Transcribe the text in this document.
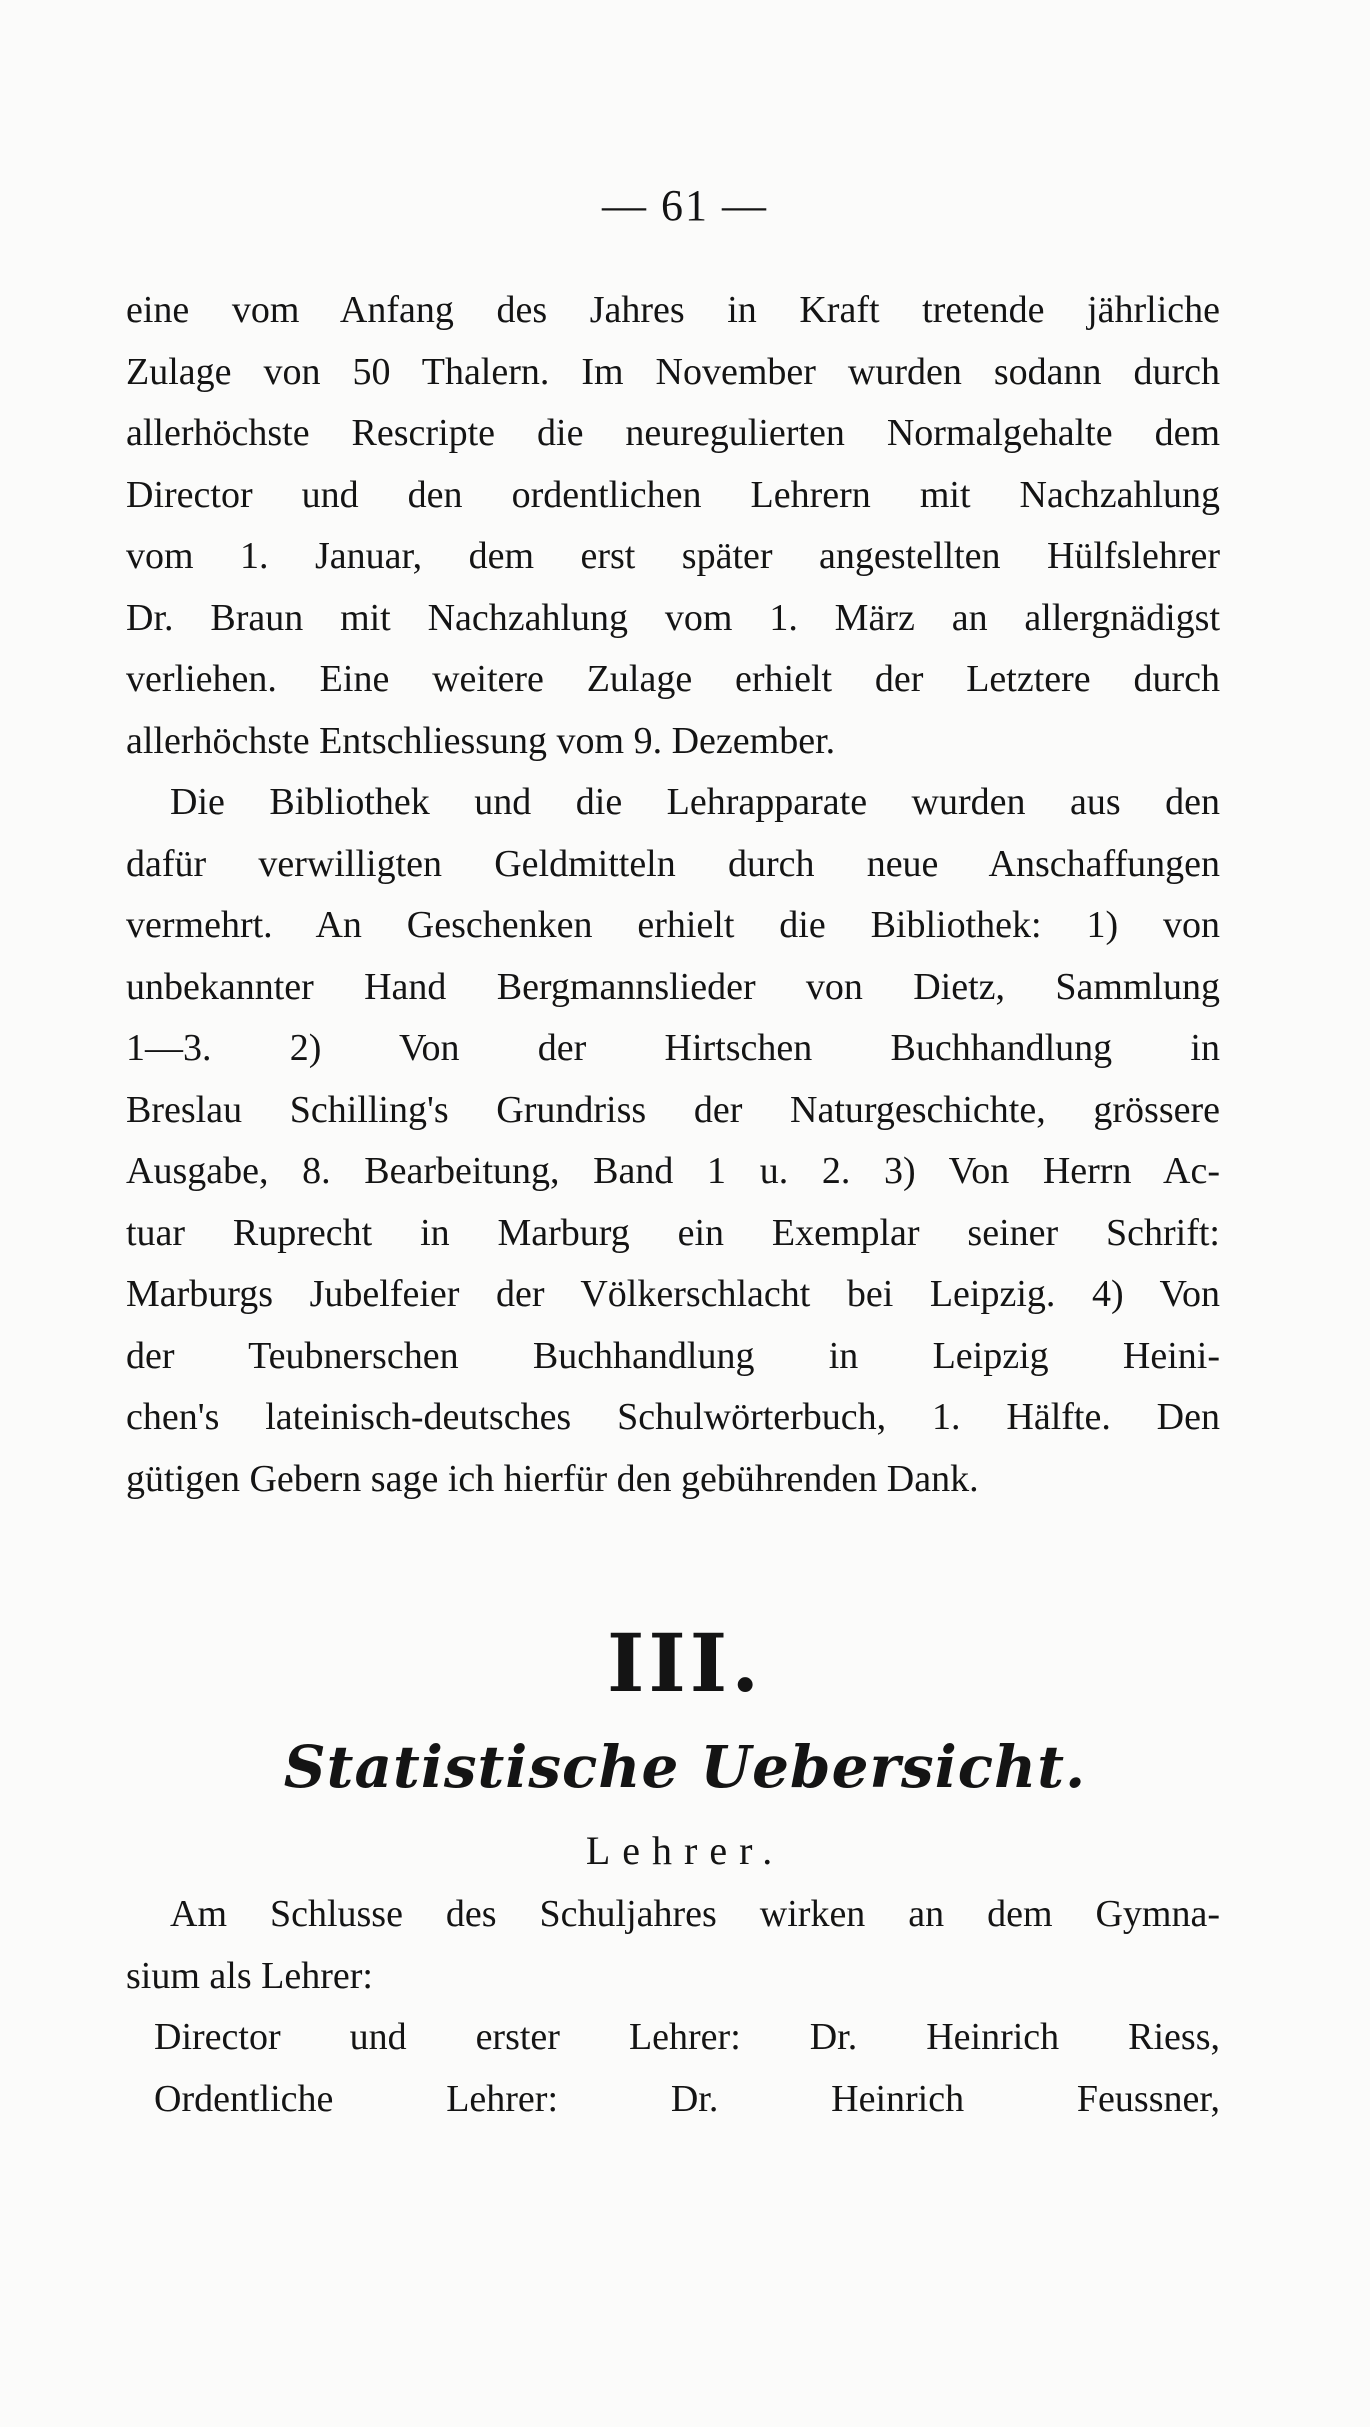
— 61 —
eine vom Anfang des Jahres in Kraft tretende jährliche
Zulage von 50 Thalern. Im November wurden sodann durch
allerhöchste Rescripte die neuregulierten Normalgehalte dem
Director und den ordentlichen Lehrern mit Nachzahlung
vom 1. Januar, dem erst später angestellten Hülfslehrer
Dr. Braun mit Nachzahlung vom 1. März an allergnädigst
verliehen. Eine weitere Zulage erhielt der Letztere durch
allerhöchste Entschliessung vom 9. Dezember.
Die Bibliothek und die Lehrapparate wurden aus den
dafür verwilligten Geldmitteln durch neue Anschaffungen
vermehrt. An Geschenken erhielt die Bibliothek: 1) von
unbekannter Hand Bergmannslieder von Dietz, Sammlung
1—3. 2) Von der Hirtschen Buchhandlung in
Breslau Schilling's Grundriss der Naturgeschichte, grössere
Ausgabe, 8. Bearbeitung, Band 1 u. 2. 3) Von Herrn Ac-
tuar Ruprecht in Marburg ein Exemplar seiner Schrift:
Marburgs Jubelfeier der Völkerschlacht bei Leipzig. 4) Von
der Teubnerschen Buchhandlung in Leipzig Heini-
chen's lateinisch-deutsches Schulwörterbuch, 1. Hälfte. Den
gütigen Gebern sage ich hierfür den gebührenden Dank.
III.
Statistische Uebersicht.
Lehrer.
Am Schlusse des Schuljahres wirken an dem Gymna-
sium als Lehrer:
Director und erster Lehrer: Dr. Heinrich Riess,
Ordentliche Lehrer: Dr. Heinrich Feussner,
